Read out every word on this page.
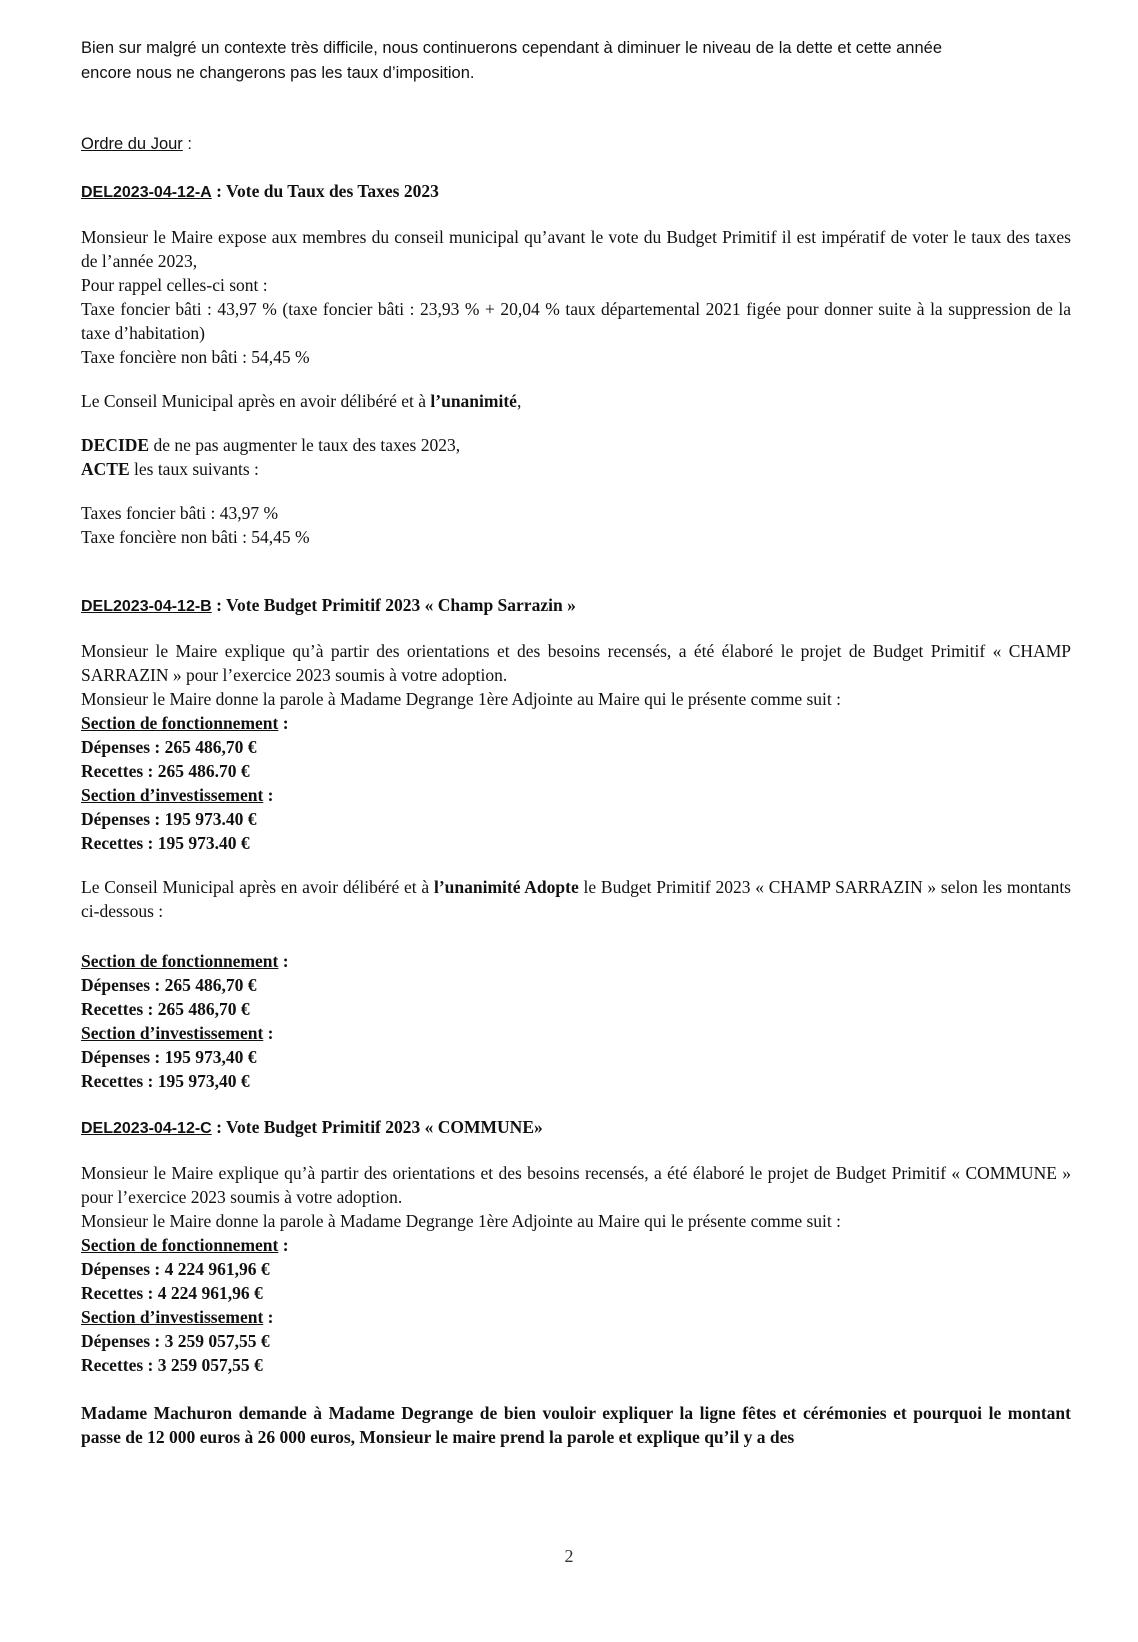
Bien sur malgré un contexte très difficile, nous continuerons cependant à diminuer le niveau de la dette et cette année
encore nous ne changerons pas les taux d’imposition.

Ordre du Jour :

DEL2023-04-12-A : Vote du Taux des Taxes 2023

Monsieur le Maire expose aux membres du conseil municipal qu’avant le vote du Budget Primitif il est impératif de voter le taux des taxes de l’année 2023,

Pour rappel celles-ci sont :

Taxe foncier bâti : 43,97 % (taxe foncier bâti : 23,93 % + 20,04 % taux départemental 2021 figée pour donner suite à la suppression de la taxe d’habitation)

Taxe foncière non bâti : 54,45 %

Le Conseil Municipal après en avoir délibéré et à l’unanimité,

DECIDE de ne pas augmenter le taux des taxes 2023,

ACTE les taux suivants :

Taxes foncier bâti : 43,97 %

Taxe foncière non bâti : 54,45 %

DEL2023-04-12-B : Vote Budget Primitif 2023 « Champ Sarrazin »

Monsieur le Maire explique qu’à partir des orientations et des besoins recensés, a été élaboré le projet de Budget Primitif « CHAMP SARRAZIN » pour l’exercice 2023 soumis à votre adoption.

Monsieur le Maire donne la parole à Madame Degrange 1ère Adjointe au Maire qui le présente comme suit :

Section de fonctionnement :

Dépenses : 265 486,70 €
Recettes : 265 486.70 €

Section d’investissement :

Dépenses : 195 973.40 €
Recettes : 195 973.40 €

Le Conseil Municipal après en avoir délibéré et à l’unanimité Adopte le Budget Primitif 2023 « CHAMP SARRAZIN » selon les montants ci-dessous :

Section de fonctionnement :

Dépenses : 265 486,70 €
Recettes : 265 486,70 €

Section d’investissement :

Dépenses : 195 973,40 €
Recettes : 195 973,40 €

DEL2023-04-12-C : Vote Budget Primitif 2023 « COMMUNE»

Monsieur le Maire explique qu’à partir des orientations et des besoins recensés, a été élaboré le projet de Budget Primitif « COMMUNE » pour l’exercice 2023 soumis à votre adoption.

Monsieur le Maire donne la parole à Madame Degrange 1ère Adjointe au Maire qui le présente comme suit :

Section de fonctionnement :

Dépenses : 4 224 961,96 €
Recettes : 4 224 961,96 €

Section d’investissement :

Dépenses : 3 259 057,55 €
Recettes : 3 259 057,55 €

Madame Machuron demande à Madame Degrange de bien vouloir expliquer la ligne fêtes et cérémonies et pourquoi le montant passe de 12 000 euros à 26 000 euros, Monsieur le maire prend la parole et explique qu’il y a des

2
